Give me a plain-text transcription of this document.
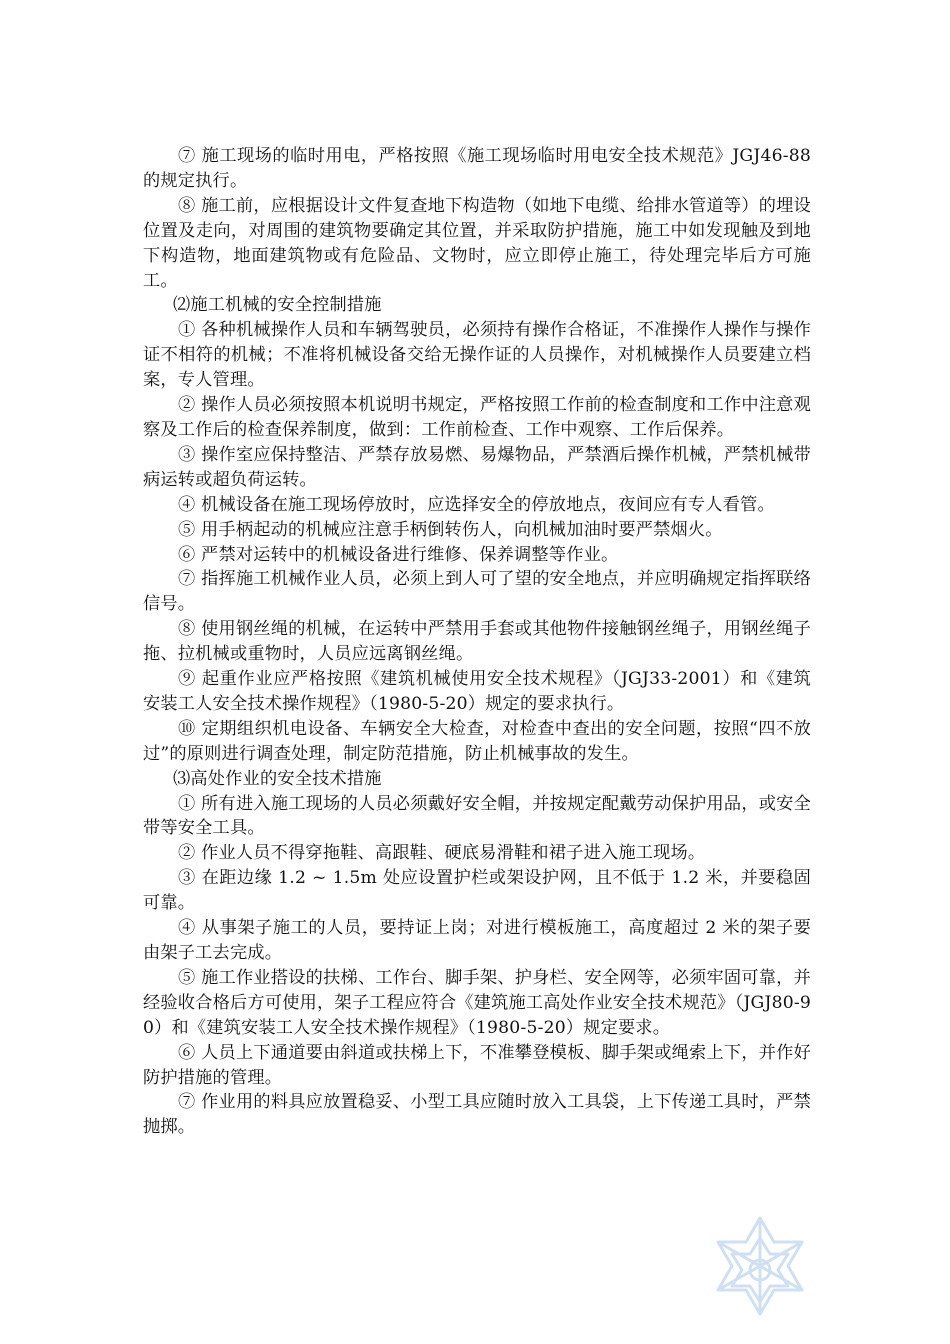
⑦ 施工现场的临时用电，严格按照《施工现场临时用电安全技术规范》JGJ46-88 的规定执行。

⑧ 施工前，应根据设计文件复查地下构造物（如地下电缆、给排水管道等）的埋设位置及走向，对周围的建筑物要确定其位置，并采取防护措施，施工中如发现触及到地下构造物，地面建筑物或有危险品、文物时，应立即停止施工，待处理完毕后方可施工。

⑵施工机械的安全控制措施

① 各种机械操作人员和车辆驾驶员，必须持有操作合格证，不准操作人操作与操作证不相符的机械；不准将机械设备交给无操作证的人员操作，对机械操作人员要建立档案，专人管理。

② 操作人员必须按照本机说明书规定，严格按照工作前的检查制度和工作中注意观察及工作后的检查保养制度，做到：工作前检查、工作中观察、工作后保养。

③ 操作室应保持整洁、严禁存放易燃、易爆物品，严禁酒后操作机械，严禁机械带病运转或超负荷运转。

④ 机械设备在施工现场停放时，应选择安全的停放地点，夜间应有专人看管。

⑤ 用手柄起动的机械应注意手柄倒转伤人，向机械加油时要严禁烟火。

⑥ 严禁对运转中的机械设备进行维修、保养调整等作业。

⑦ 指挥施工机械作业人员，必须上到人可了望的安全地点，并应明确规定指挥联络信号。

⑧ 使用钢丝绳的机械，在运转中严禁用手套或其他物件接触钢丝绳子，用钢丝绳子拖、拉机械或重物时，人员应远离钢丝绳。

⑨ 起重作业应严格按照《建筑机械使用安全技术规程》（JGJ33-2001）和《建筑安装工人安全技术操作规程》（1980-5-20）规定的要求执行。

⑩ 定期组织机电设备、车辆安全大检查，对检查中查出的安全问题，按照“四不放过”的原则进行调查处理，制定防范措施，防止机械事故的发生。

⑶高处作业的安全技术措施

① 所有进入施工现场的人员必须戴好安全帽，并按规定配戴劳动保护用品，或安全带等安全工具。

② 作业人员不得穿拖鞋、高跟鞋、硬底易滑鞋和裙子进入施工现场。

③ 在距边缘 1.2 ~ 1.5m 处应设置护栏或架设护网，且不低于 1.2 米，并要稳固可靠。

④ 从事架子施工的人员，要持证上岗；对进行模板施工，高度超过 2 米的架子要由架子工去完成。

⑤ 施工作业搭设的扶梯、工作台、脚手架、护身栏、安全网等，必须牢固可靠，并经验收合格后方可使用，架子工程应符合《建筑施工高处作业安全技术规范》（JGJ80-90）和《建筑安装工人安全技术操作规程》（1980-5-20）规定要求。

⑥ 人员上下通道要由斜道或扶梯上下，不准攀登模板、脚手架或绳索上下，并作好防护措施的管理。

⑦ 作业用的料具应放置稳妥、小型工具应随时放入工具袋，上下传递工具时，严禁抛掷。
